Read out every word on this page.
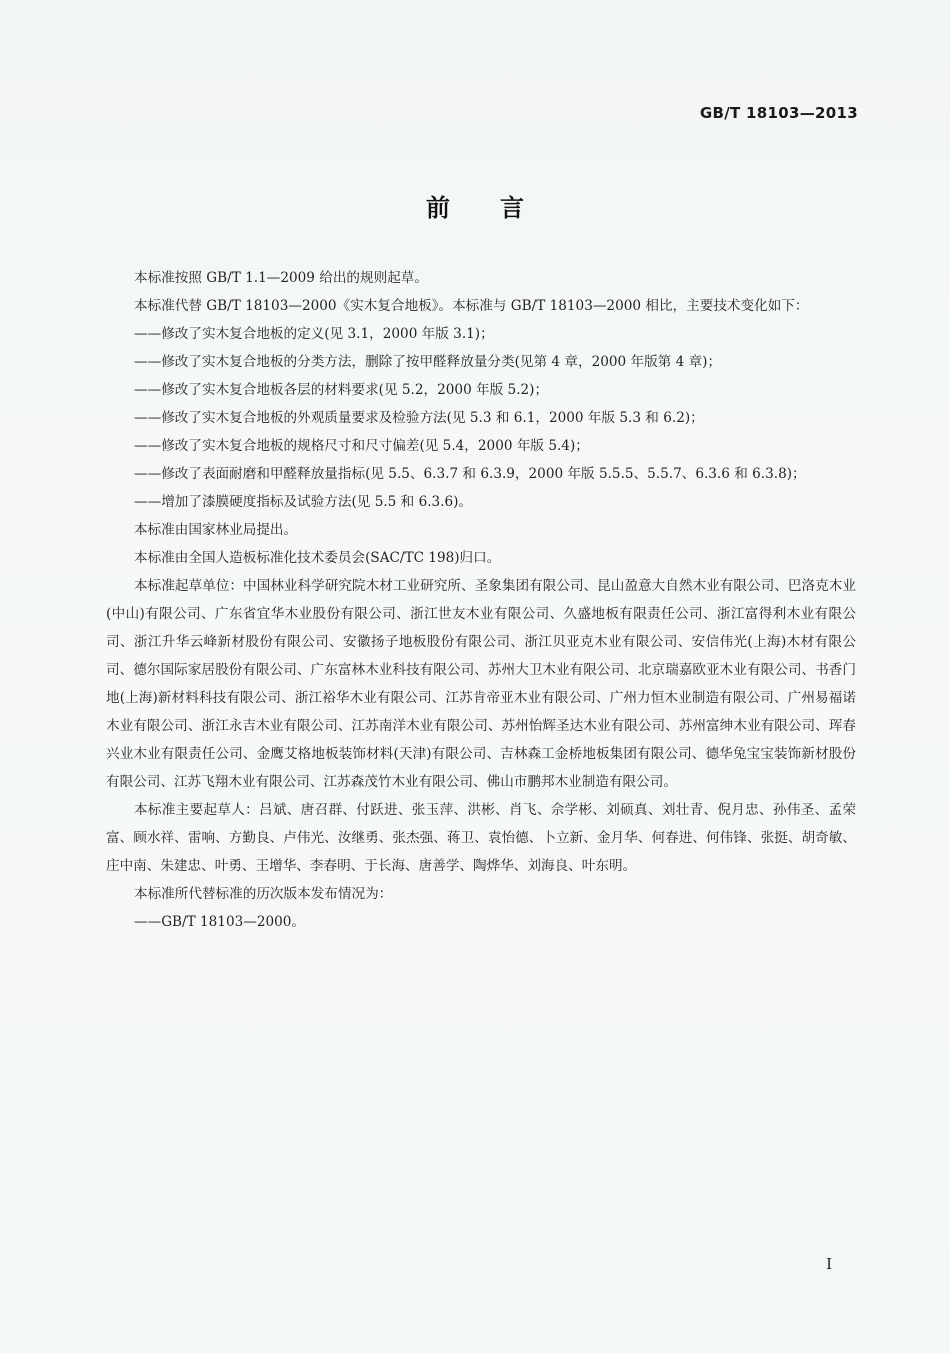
GB/T 18103—2013
前言

本标准按照 GB/T 1.1—2009 给出的规则起草。

本标准代替 GB/T 18103—2000《实木复合地板》。本标准与 GB/T 18103—2000 相比，主要技术变化如下：

——修改了实木复合地板的定义(见 3.1，2000 年版 3.1)；

——修改了实木复合地板的分类方法，删除了按甲醛释放量分类(见第 4 章，2000 年版第 4 章)；

——修改了实木复合地板各层的材料要求(见 5.2，2000 年版 5.2)；

——修改了实木复合地板的外观质量要求及检验方法(见 5.3 和 6.1，2000 年版 5.3 和 6.2)；

——修改了实木复合地板的规格尺寸和尺寸偏差(见 5.4，2000 年版 5.4)；

——修改了表面耐磨和甲醛释放量指标(见 5.5、6.3.7 和 6.3.9，2000 年版 5.5.5、5.5.7、6.3.6 和 6.3.8)；

——增加了漆膜硬度指标及试验方法(见 5.5 和 6.3.6)。

本标准由国家林业局提出。

本标准由全国人造板标准化技术委员会(SAC/TC 198)归口。

本标准起草单位：中国林业科学研究院木材工业研究所、圣象集团有限公司、昆山盈意大自然木业有限公司、巴洛克木业(中山)有限公司、广东省宜华木业股份有限公司、浙江世友木业有限公司、久盛地板有限责任公司、浙江富得利木业有限公司、浙江升华云峰新材股份有限公司、安徽扬子地板股份有限公司、浙江贝亚克木业有限公司、安信伟光(上海)木材有限公司、德尔国际家居股份有限公司、广东富林木业科技有限公司、苏州大卫木业有限公司、北京瑞嘉欧亚木业有限公司、书香门地(上海)新材料科技有限公司、浙江裕华木业有限公司、江苏肯帝亚木业有限公司、广州力恒木业制造有限公司、广州易福诺木业有限公司、浙江永吉木业有限公司、江苏南洋木业有限公司、苏州怡辉圣达木业有限公司、苏州富绅木业有限公司、珲春兴业木业有限责任公司、金鹰艾格地板装饰材料(天津)有限公司、吉林森工金桥地板集团有限公司、德华兔宝宝装饰新材股份有限公司、江苏飞翔木业有限公司、江苏森茂竹木业有限公司、佛山市鹏邦木业制造有限公司。

本标准主要起草人：吕斌、唐召群、付跃进、张玉萍、洪彬、肖飞、佘学彬、刘硕真、刘壮青、倪月忠、孙伟圣、孟荣富、顾水祥、雷响、方勤良、卢伟光、汝继勇、张杰强、蒋卫、袁怡德、卜立新、金月华、何春进、何伟锋、张挺、胡奇敏、庄中南、朱建忠、叶勇、王增华、李春明、于长海、唐善学、陶烨华、刘海良、叶东明。

本标准所代替标准的历次版本发布情况为：

——GB/T 18103—2000。

I
